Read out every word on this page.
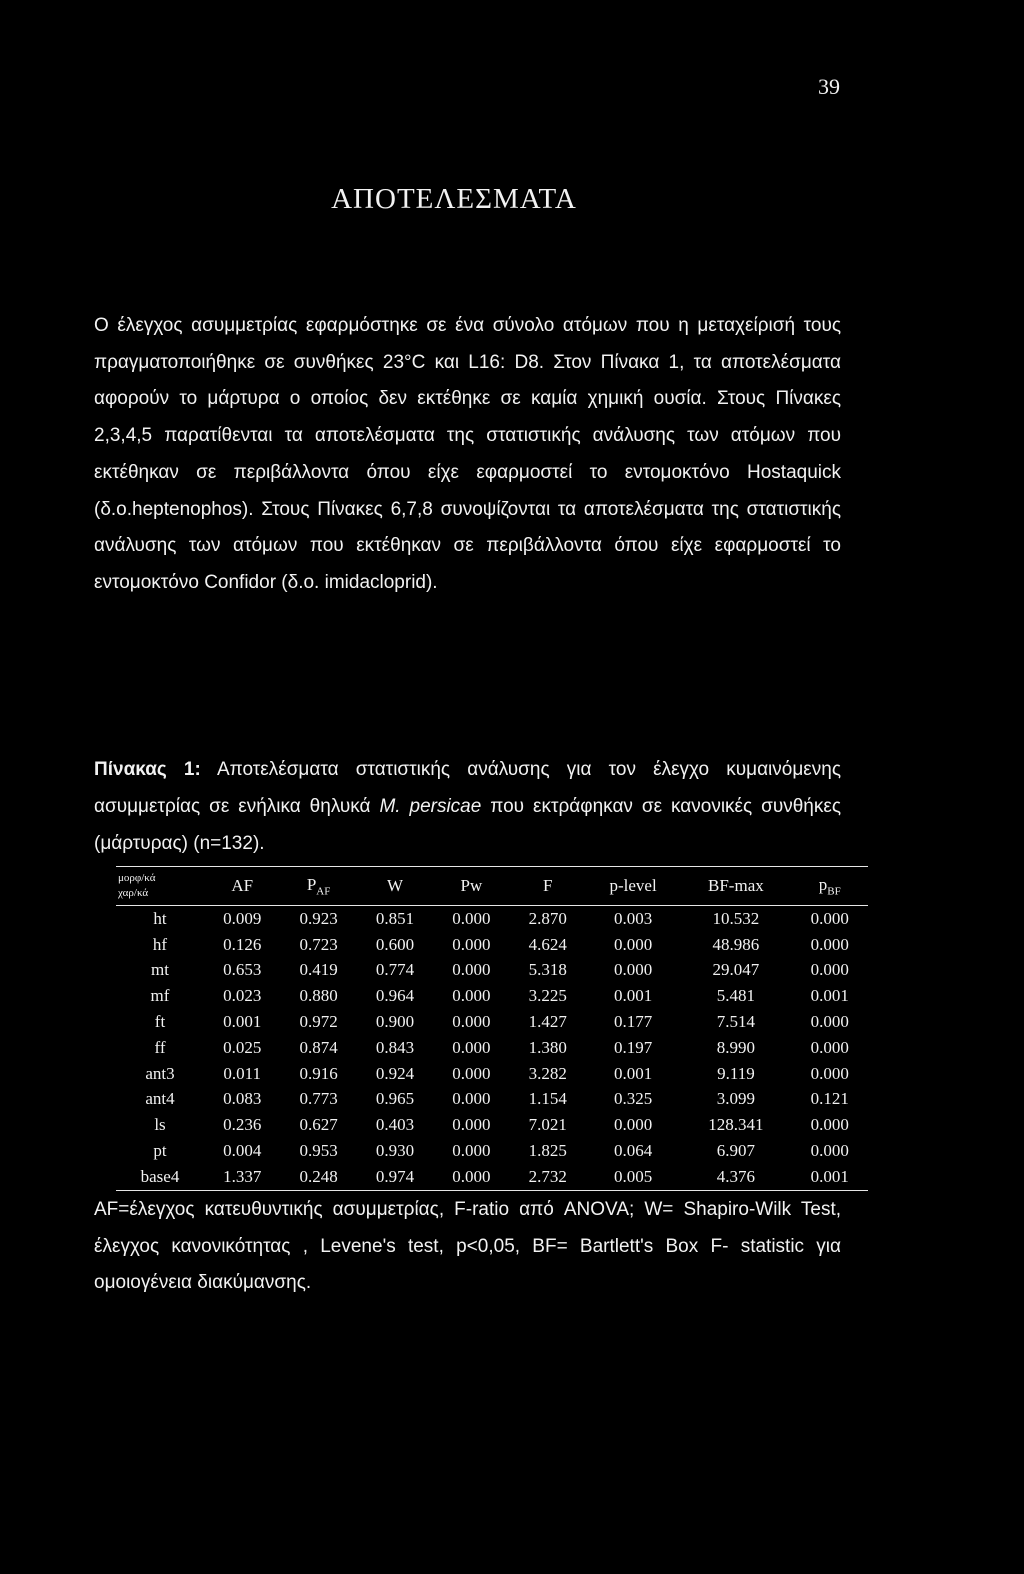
39
ΑΠΟΤΕΛΕΣΜΑΤΑ

Ο έλεγχος ασυμμετρίας εφαρμόστηκε σε ένα σύνολο ατόμων που η μεταχείρισή τους πραγματοποιήθηκε σε συνθήκες 23°C και L16: D8. Στον Πίνακα 1, τα αποτελέσματα αφορούν το μάρτυρα ο οποίος δεν εκτέθηκε σε καμία χημική ουσία. Στους Πίνακες 2,3,4,5 παρατίθενται τα αποτελέσματα της στατιστικής ανάλυσης των ατόμων που εκτέθηκαν σε περιβάλλοντα όπου είχε εφαρμοστεί το εντομοκτόνο Hostaquick (δ.o.heptenophos). Στους Πίνακες 6,7,8 συνοψίζονται τα αποτελέσματα της στατιστικής ανάλυσης των ατόμων που εκτέθηκαν σε περιβάλλοντα όπου είχε εφαρμοστεί το εντομοκτόνο Confidor (δ.o. imidacloprid).

Πίνακας 1: Αποτελέσματα στατιστικής ανάλυσης για τον έλεγχο κυμαινόμενης ασυμμετρίας σε ενήλικα θηλυκά M. persicae που εκτράφηκαν σε κανονικές συνθήκες (μάρτυρας) (n=132).

μορφ/κά
χαρ/κά	AF	$P_{AF}$	W	Pw	F	p-level	BF-max	$p_{BF}$
ht	0.009	0.923	0.851	0.000	2.870	0.003	10.532	0.000
hf	0.126	0.723	0.600	0.000	4.624	0.000	48.986	0.000
mt	0.653	0.419	0.774	0.000	5.318	0.000	29.047	0.000
mf	0.023	0.880	0.964	0.000	3.225	0.001	5.481	0.001
ft	0.001	0.972	0.900	0.000	1.427	0.177	7.514	0.000
ff	0.025	0.874	0.843	0.000	1.380	0.197	8.990	0.000
ant3	0.011	0.916	0.924	0.000	3.282	0.001	9.119	0.000
ant4	0.083	0.773	0.965	0.000	1.154	0.325	3.099	0.121
ls	0.236	0.627	0.403	0.000	7.021	0.000	128.341	0.000
pt	0.004	0.953	0.930	0.000	1.825	0.064	6.907	0.000
base4	1.337	0.248	0.974	0.000	2.732	0.005	4.376	0.001

AF=έλεγχος κατευθυντικής ασυμμετρίας, F-ratio από ANOVA; W= Shapiro-Wilk Test, έλεγχος κανονικότητας , Levene's test, p<0,05, BF= Bartlett's Box F- statistic για ομοιογένεια διακύμανσης.
